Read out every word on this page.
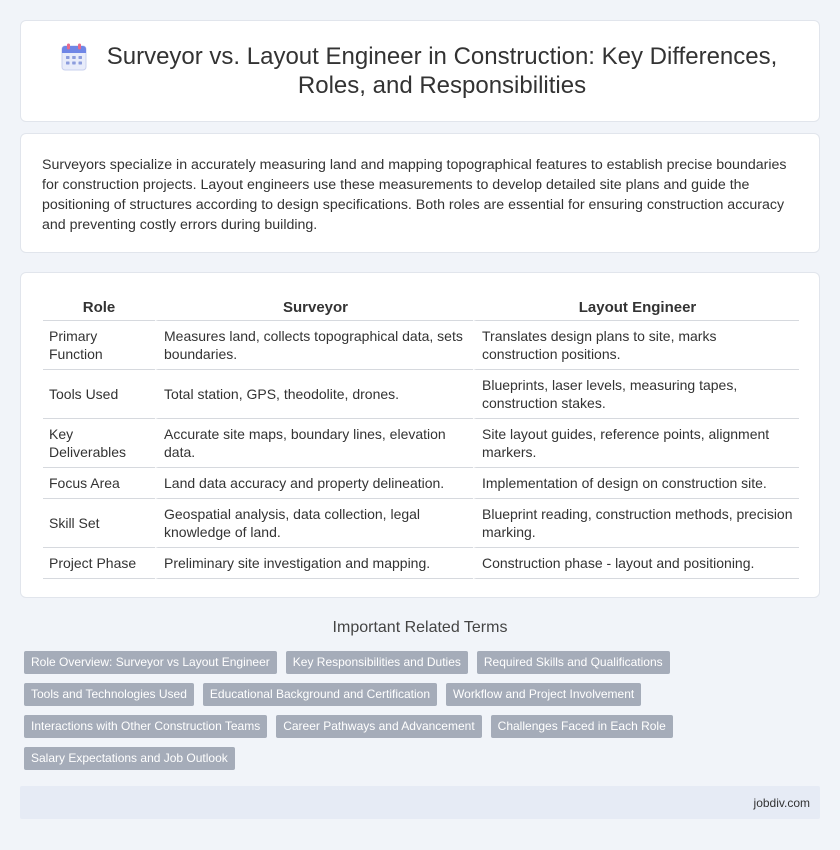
Surveyor vs. Layout Engineer in Construction: Key Differences, Roles, and Responsibilities

Surveyors specialize in accurately measuring land and mapping topographical features to establish precise boundaries for construction projects. Layout engineers use these measurements to develop detailed site plans and guide the positioning of structures according to design specifications. Both roles are essential for ensuring construction accuracy and preventing costly errors during building.

Role	Surveyor	Layout Engineer
Primary Function	Measures land, collects topographical data, sets boundaries.	Translates design plans to site, marks construction positions.
Tools Used	Total station, GPS, theodolite, drones.	Blueprints, laser levels, measuring tapes, construction stakes.
Key Deliverables	Accurate site maps, boundary lines, elevation data.	Site layout guides, reference points, alignment markers.
Focus Area	Land data accuracy and property delineation.	Implementation of design on construction site.
Skill Set	Geospatial analysis, data collection, legal knowledge of land.	Blueprint reading, construction methods, precision marking.
Project Phase	Preliminary site investigation and mapping.	Construction phase - layout and positioning.
Important Related Terms
Role Overview: Surveyor vs Layout Engineer	Key Responsibilities and Duties	Required Skills and Qualifications
Tools and Technologies Used	Educational Background and Certification	Workflow and Project Involvement
Interactions with Other Construction Teams	Career Pathways and Advancement	Challenges Faced in Each Role
Salary Expectations and Job Outlook
jobdiv.com
